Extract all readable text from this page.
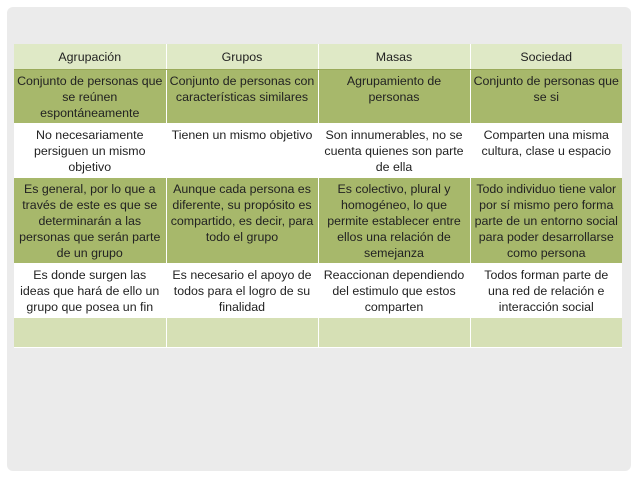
Agrupación	Grupos	Masas	Sociedad
Conjunto de personas que se reúnen espontáneamente	Conjunto de personas con características similares	Agrupamiento de personas	Conjunto de personas que se si
No necesariamente persiguen un mismo objetivo	Tienen un mismo objetivo	Son innumerables, no se cuenta quienes son parte de ella	Comparten una misma cultura, clase u espacio
Es general, por lo que a través de este es que se determinarán a las personas que serán parte de un grupo	Aunque cada persona es diferente, su propósito es compartido, es decir, para todo el grupo	Es colectivo, plural y homogéneo, lo que permite establecer entre ellos una relación de semejanza	Todo individuo tiene valor por sí mismo pero forma parte de un entorno social para poder desarrollarse como persona
Es donde surgen las ideas que hará de ello un grupo que posea un fin	Es necesario el apoyo de todos para el logro de su finalidad	Reaccionan dependiendo del estimulo que estos comparten	Todos forman parte de una red de relación e interacción social
